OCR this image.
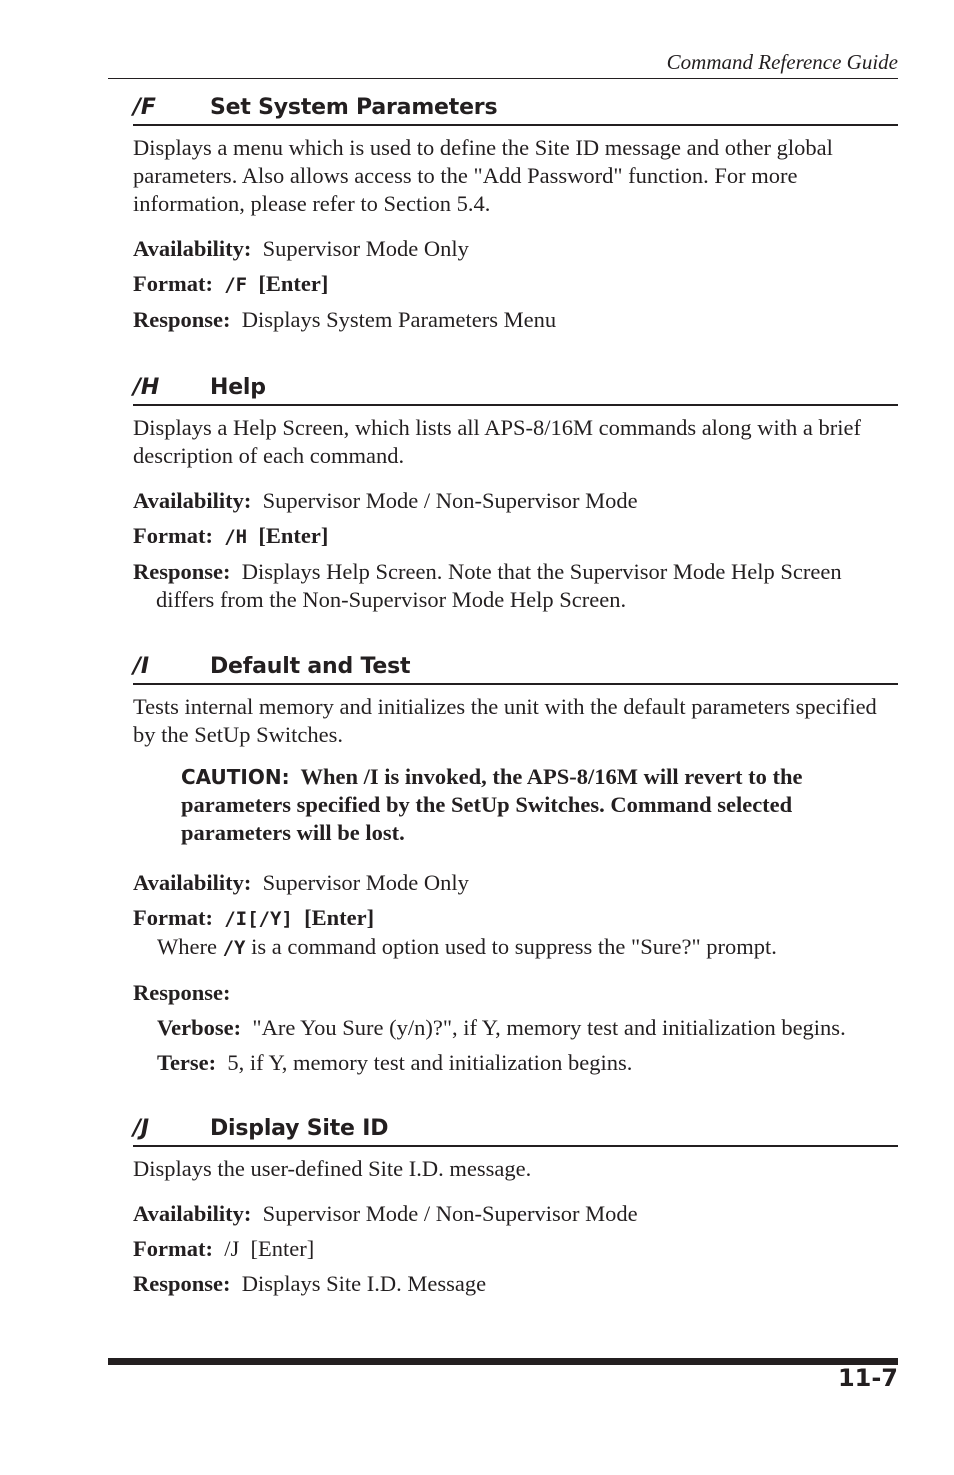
Command Reference Guide
/F Set System Parameters

Displays a menu which is used to define the Site ID message and other global parameters. Also allows access to the "Add Password" function. For more information, please refer to Section 5.4.

Availability: Supervisor Mode Only

Format: /F [Enter]

Response: Displays System Parameters Menu

/H Help

Displays a Help Screen, which lists all APS-8/16M commands along with a brief description of each command.

Availability: Supervisor Mode / Non-Supervisor Mode

Format: /H [Enter]

Response: Displays Help Screen. Note that the Supervisor Mode Help Screen differs from the Non-Supervisor Mode Help Screen.

/I	Default and Test

Tests internal memory and initializes the unit with the default parameters specified by the SetUp Switches.

CAUTION: When /I is invoked, the APS-8/16M will revert to the parameters specified by the SetUp Switches. Command selected parameters will be lost.

Availability: Supervisor Mode Only

Format: /I[/Y] [Enter]

Where /Y is a command option used to suppress the "Sure?" prompt.

Response:

Verbose: "Are You Sure (y/n)?", if Y, memory test and initialization begins.

Terse: 5, if Y, memory test and initialization begins.

/J	Display Site ID

Displays the user-defined Site I.D. message.

Availability: Supervisor Mode / Non-Supervisor Mode

Format: /J  [Enter]

Response: Displays Site I.D. Message

11-7
